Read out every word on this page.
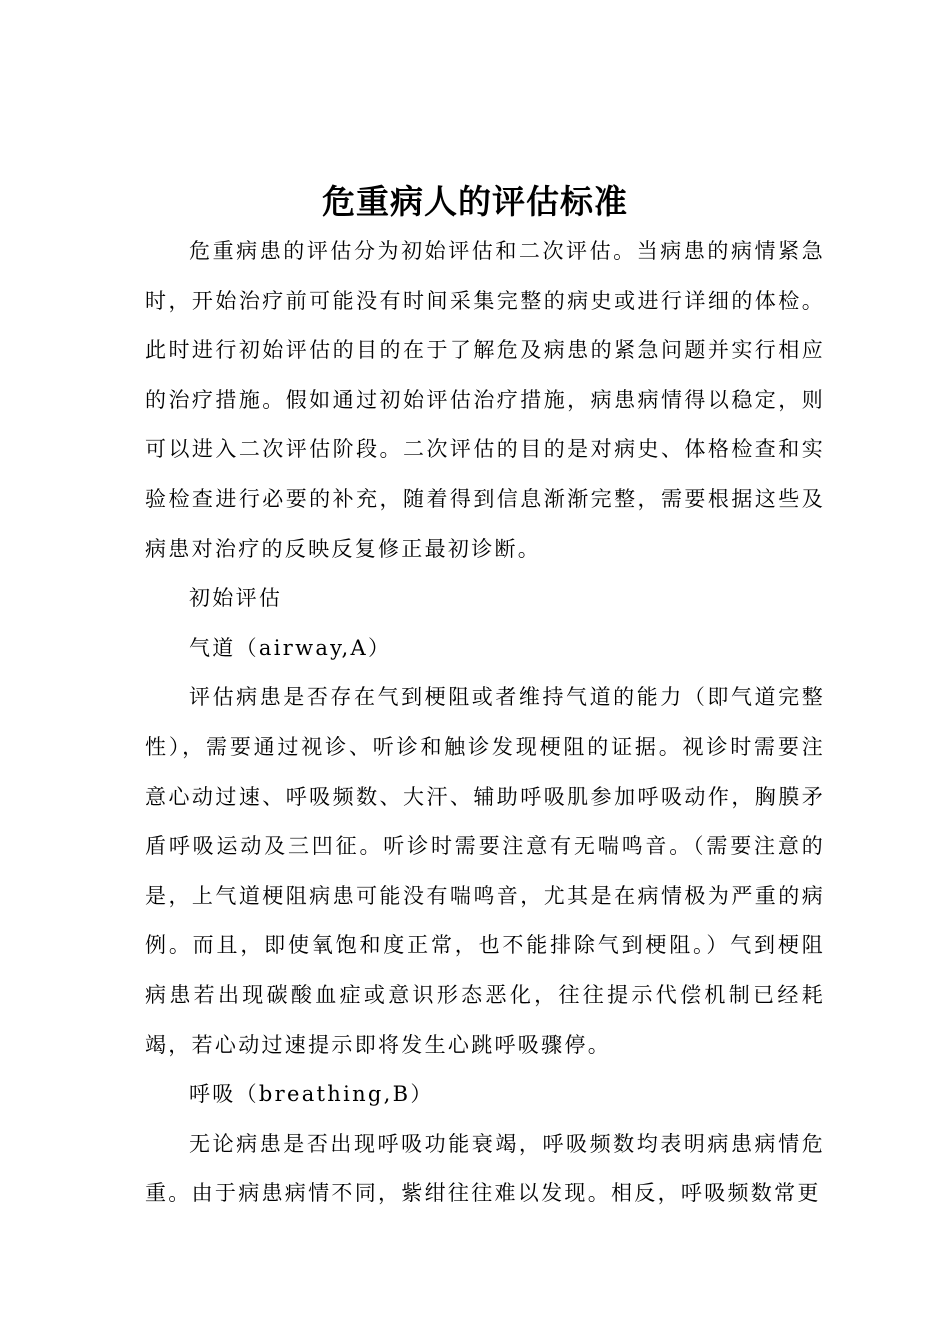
危重病人的评估标准

危重病患的评估分为初始评估和二次评估。当病患的病情紧急时，开始治疗前可能没有时间采集完整的病史或进行详细的体检。此时进行初始评估的目的在于了解危及病患的紧急问题并实行相应的治疗措施。假如通过初始评估治疗措施，病患病情得以稳定，则可以进入二次评估阶段。二次评估的目的是对病史、体格检查和实验检查进行必要的补充，随着得到信息渐渐完整，需要根据这些及病患对治疗的反映反复修正最初诊断。

初始评估

气道（airway,A）

评估病患是否存在气到梗阻或者维持气道的能力（即气道完整性），需要通过视诊、听诊和触诊发现梗阻的证据。视诊时需要注意心动过速、呼吸频数、大汗、辅助呼吸肌参加呼吸动作，胸膜矛盾呼吸运动及三凹征。听诊时需要注意有无喘鸣音。（需要注意的是，上气道梗阻病患可能没有喘鸣音，尤其是在病情极为严重的病例。而且，即使氧饱和度正常，也不能排除气到梗阻。）气到梗阻病患若出现碳酸血症或意识形态恶化，往往提示代偿机制已经耗竭，若心动过速提示即将发生心跳呼吸骤停。

呼吸（breathing,B）

无论病患是否出现呼吸功能衰竭，呼吸频数均表明病患病情危重。由于病患病情不同，紫绀往往难以发现。相反，呼吸频数常更
